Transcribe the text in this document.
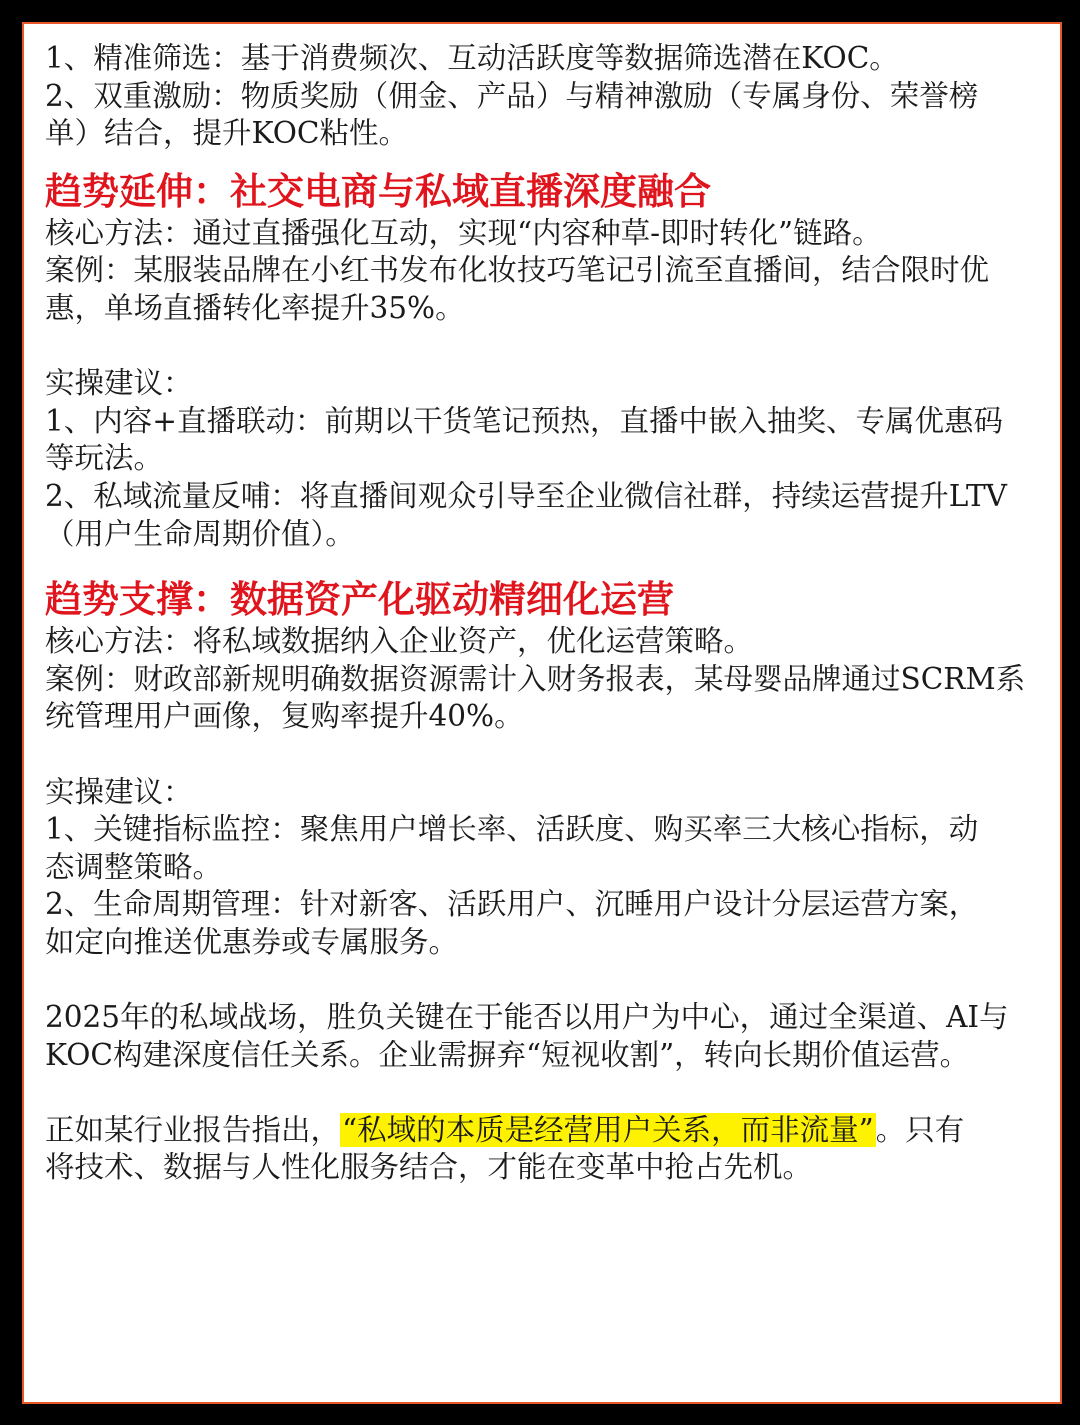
1、精准筛选：基于消费频次、互动活跃度等数据筛选潜在KOC。
2、双重激励：物质奖励（佣金、产品）与精神激励（专属身份、荣誉榜
单）结合，提升KOC粘性。
趋势延伸：社交电商与私域直播深度融合
核心方法：通过直播强化互动，实现“内容种草-即时转化”链路。
案例：某服装品牌在小红书发布化妆技巧笔记引流至直播间，结合限时优
惠，单场直播转化率提升35%。
实操建议：
1、内容+直播联动：前期以干货笔记预热，直播中嵌入抽奖、专属优惠码
等玩法。
2、私域流量反哺：将直播间观众引导至企业微信社群，持续运营提升LTV
（用户生命周期价值）。
趋势支撑：数据资产化驱动精细化运营
核心方法：将私域数据纳入企业资产，优化运营策略。
案例：财政部新规明确数据资源需计入财务报表，某母婴品牌通过SCRM系
统管理用户画像，复购率提升40%。
实操建议：
1、关键指标监控：聚焦用户增长率、活跃度、购买率三大核心指标，动
态调整策略。
2、生命周期管理：针对新客、活跃用户、沉睡用户设计分层运营方案，
如定向推送优惠券或专属服务。
2025年的私域战场，胜负关键在于能否以用户为中心，通过全渠道、AI与
KOC构建深度信任关系。企业需摒弃“短视收割”，转向长期价值运营。
正如某行业报告指出，“私域的本质是经营用户关系，而非流量”。只有
将技术、数据与人性化服务结合，才能在变革中抢占先机。
